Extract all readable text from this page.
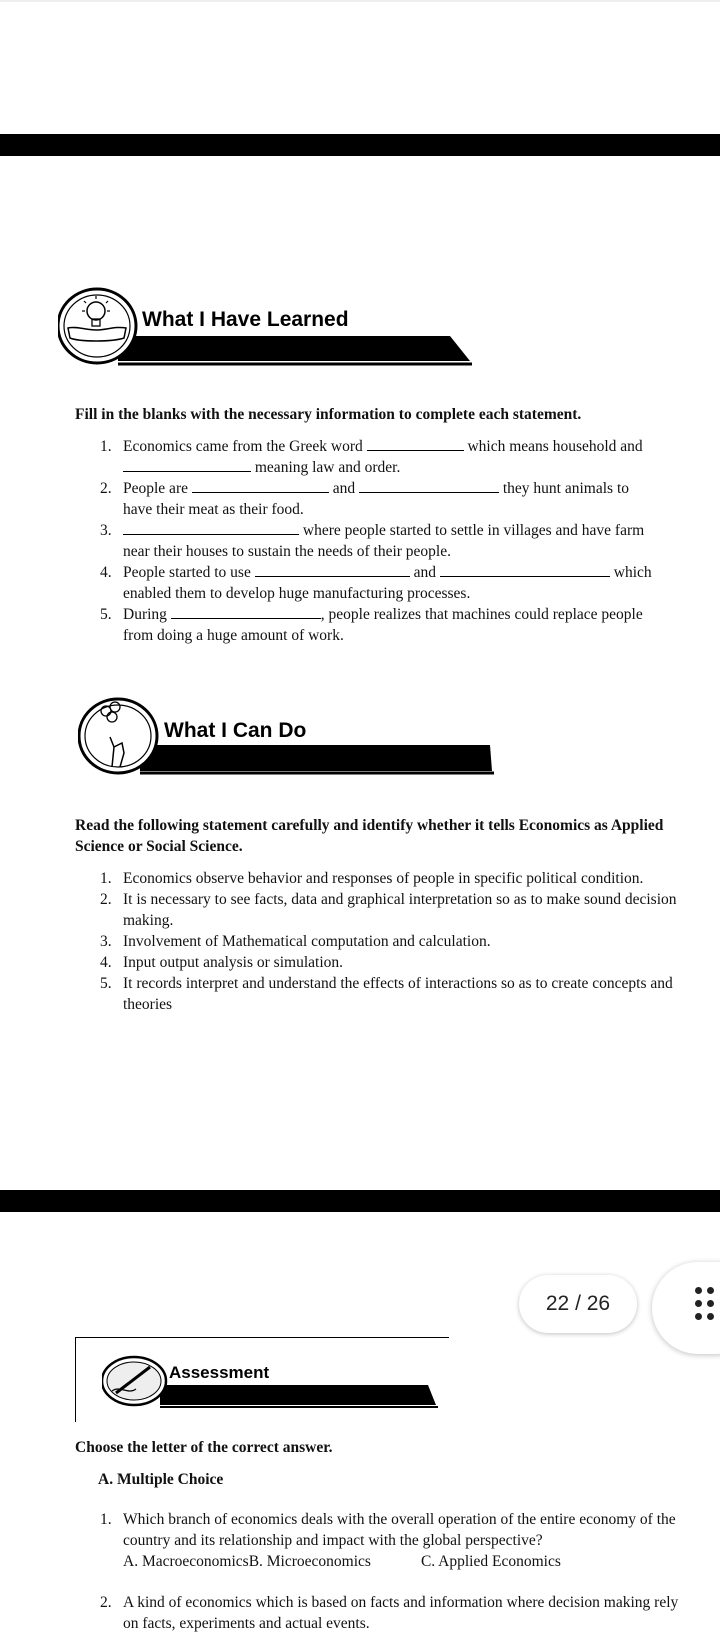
What I Have Learned
Fill in the blanks with the necessary information to complete each statement.
1. Economics came from the Greek word	which means household and
meaning law and order.
2. People are	and	they hunt animals to
have their meat as their food.
3.	where people started to settle in villages and have farm
near their houses to sustain the needs of their people.
4. People started to use	and	which
enabled them to develop huge manufacturing processes.
5. During	, people realizes that machines could replace people
from doing a huge amount of work.
What I Can Do
Read the following statement carefully and identify whether it tells Economics as Applied Science or Social Science.
1. Economics observe behavior and responses of people in specific political condition.
2. It is necessary to see facts, data and graphical interpretation so as to make sound decision making.
3. Involvement of Mathematical computation and calculation.
4. Input output analysis or simulation.
5. It records interpret and understand the effects of interactions so as to create concepts and theories
22 / 26
Assessment
Choose the letter of the correct answer.
A. Multiple Choice
1. Which branch of economics deals with the overall operation of the entire economy of the country and its relationship and impact with the global perspective?
A. MacroeconomicsB. Microeconomics	C. Applied Economics
2. A kind of economics which is based on facts and information where decision making rely on facts, experiments and actual events.
